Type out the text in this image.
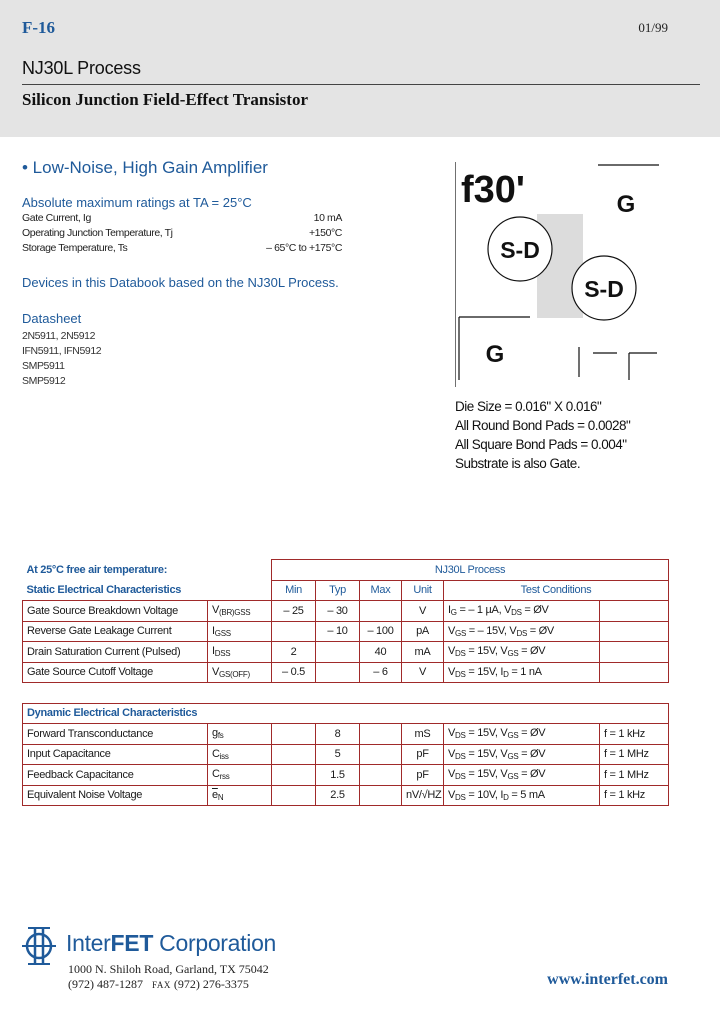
F-16	01/99
NJ30L Process
Silicon Junction Field-Effect Transistor
• Low-Noise, High Gain Amplifier
Absolute maximum ratings at TA = 25°C
Gate Current, Ig	10 mA
Operating Junction Temperature, Tj	+150°C
Storage Temperature, Ts	– 65°C to +175°C
Devices in this Databook based on the NJ30L Process.
Datasheet
2N5911, 2N5912
IFN5911, IFN5912
SMP5911
SMP5912
f30'	G
S-D
S-D
G
Die Size = 0.016" X 0.016"
All Round Bond Pads = 0.0028"
All Square Bond Pads = 0.004"
Substrate is also Gate.
At 25°C free air temperature:		NJ30L Process					
Static Electrical Characteristics		Min	Typ	Max	Unit	Test Conditions	
Gate Source Breakdown Voltage	$V_{(BR)GSS}$	– 25	– 30		V	$I_G$ = – 1 µA, $V_{DS}$ = ØV	
Reverse Gate Leakage Current	$I_{GSS}$		– 10	– 100	pA	$V_{GS}$ = – 15V, $V_{DS}$ = ØV	
Drain Saturation Current (Pulsed)	$I_{DSS}$	2		40	mA	$V_{DS} = 15V$, $V_{GS}$ = ØV	
Gate Source Cutoff Voltage	$V_{GS(OFF)}$	– 0.5		– 6	V	$V_{DS} = 15V$, $I_D = 1$ nA	

Dynamic Electrical Characteristics							
Forward Transconductance	$g_{fs}$		8		mS	$V_{DS} = 15V$, $V_{GS}$ = ØV	f = 1 kHz
Input Capacitance	$C_{iss}$		5		pF	$V_{DS} = 15V$, $V_{GS}$ = ØV	f = 1 MHz
Feedback Capacitance	$C_{rss}$		1.5		pF	$V_{DS} = 15V$, $V_{GS}$ = ØV	f = 1 MHz
Equivalent Noise Voltage	$\overline{e}_N$		2.5		nV/√HZ	$V_{DS} = 10V$, $I_D = 5$ mA	f = 1 kHz
InterFET Corporation
1000 N. Shiloh Road, Garland, TX 75042
(972) 487-1287 FAX (972) 276-3375	www.interfet.com
